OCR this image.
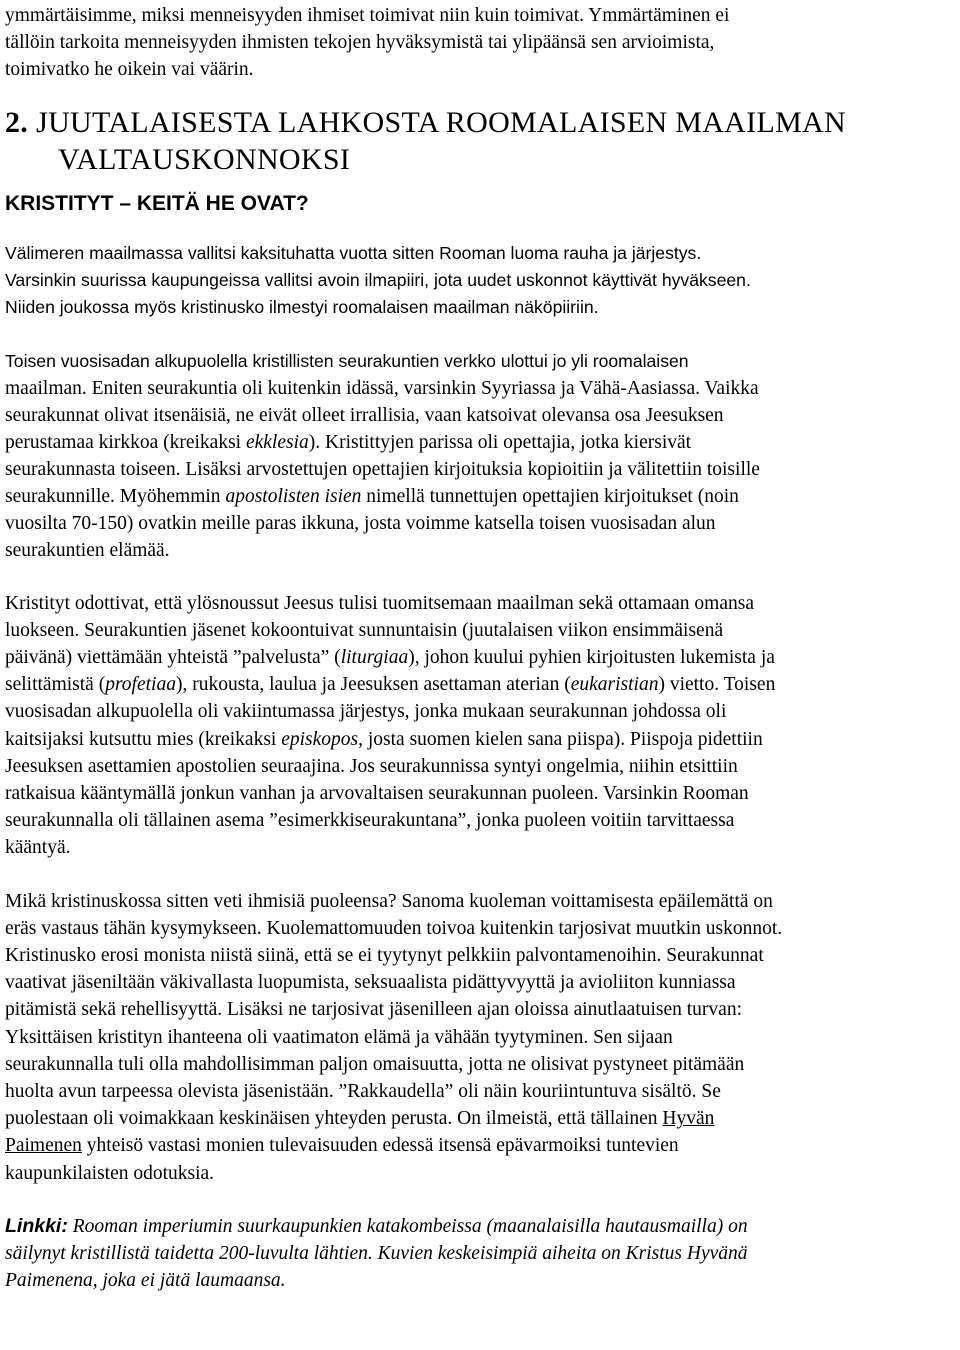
ymmärtäisimme, miksi menneisyyden ihmiset toimivat niin kuin toimivat. Ymmärtäminen ei
tällöin tarkoita menneisyyden ihmisten tekojen hyväksymistä tai ylipäänsä sen arvioimista,
toimivatko he oikein vai väärin.

2. JUUTALAISESTA LAHKOSTA ROOMALAISEN MAAILMAN
VALTAUSKONNOKSI
KRISTITYT – KEITÄ HE OVAT?

Välimeren maailmassa vallitsi kaksituhatta vuotta sitten Rooman luoma rauha ja järjestys.
Varsinkin suurissa kaupungeissa vallitsi avoin ilmapiiri, jota uudet uskonnot käyttivät hyväkseen.
Niiden joukossa myös kristinusko ilmestyi roomalaisen maailman näköpiiriin.

Toisen vuosisadan alkupuolella kristillisten seurakuntien verkko ulottui jo yli roomalaisen
maailman. Eniten seurakuntia oli kuitenkin idässä, varsinkin Syyriassa ja Vähä-Aasiassa. Vaikka
seurakunnat olivat itsenäisiä, ne eivät olleet irrallisia, vaan katsoivat olevansa osa Jeesuksen
perustamaa kirkkoa (kreikaksi ekklesia). Kristittyjen parissa oli opettajia, jotka kiersivät
seurakunnasta toiseen. Lisäksi arvostettujen opettajien kirjoituksia kopioitiin ja välitettiin toisille
seurakunnille. Myöhemmin apostolisten isien nimellä tunnettujen opettajien kirjoitukset (noin
vuosilta 70-150) ovatkin meille paras ikkuna, josta voimme katsella toisen vuosisadan alun
seurakuntien elämää.

Kristityt odottivat, että ylösnoussut Jeesus tulisi tuomitsemaan maailman sekä ottamaan omansa
luokseen. Seurakuntien jäsenet kokoontuivat sunnuntaisin (juutalaisen viikon ensimmäisenä
päivänä) viettämään yhteistä ”palvelusta” (liturgiaa), johon kuului pyhien kirjoitusten lukemista ja
selittämistä (profetiaa), rukousta, laulua ja Jeesuksen asettaman aterian (eukaristian) vietto. Toisen
vuosisadan alkupuolella oli vakiintumassa järjestys, jonka mukaan seurakunnan johdossa oli
kaitsijaksi kutsuttu mies (kreikaksi episkopos, josta suomen kielen sana piispa). Piispoja pidettiin
Jeesuksen asettamien apostolien seuraajina. Jos seurakunnissa syntyi ongelmia, niihin etsittiin
ratkaisua kääntymällä jonkun vanhan ja arvovaltaisen seurakunnan puoleen. Varsinkin Rooman
seurakunnalla oli tällainen asema ”esimerkkiseurakuntana”, jonka puoleen voitiin tarvittaessa
kääntyä.

Mikä kristinuskossa sitten veti ihmisiä puoleensa? Sanoma kuoleman voittamisesta epäilemättä on
eräs vastaus tähän kysymykseen. Kuolemattomuuden toivoa kuitenkin tarjosivat muutkin uskonnot.
Kristinusko erosi monista niistä siinä, että se ei tyytynyt pelkkiin palvontamenoihin. Seurakunnat
vaativat jäseniltään väkivallasta luopumista, seksuaalista pidättyvyyttä ja avioliiton kunniassa
pitämistä sekä rehellisyyttä. Lisäksi ne tarjosivat jäsenilleen ajan oloissa ainutlaatuisen turvan:
Yksittäisen kristityn ihanteena oli vaatimaton elämä ja vähään tyytyminen. Sen sijaan
seurakunnalla tuli olla mahdollisimman paljon omaisuutta, jotta ne olisivat pystyneet pitämään
huolta avun tarpeessa olevista jäsenistään. ”Rakkaudella” oli näin kouriintuntuva sisältö. Se
puolestaan oli voimakkaan keskinäisen yhteyden perusta. On ilmeistä, että tällainen Hyvän
Paimenen yhteisö vastasi monien tulevaisuuden edessä itsensä epävarmoiksi tuntevien
kaupunkilaisten odotuksia.

Linkki: Rooman imperiumin suurkaupunkien katakombeissa (maanalaisilla hautausmailla) on
säilynyt kristillistä taidetta 200-luvulta lähtien. Kuvien keskeisimpiä aiheita on Kristus Hyvänä
Paimenena, joka ei jätä laumaansa.
